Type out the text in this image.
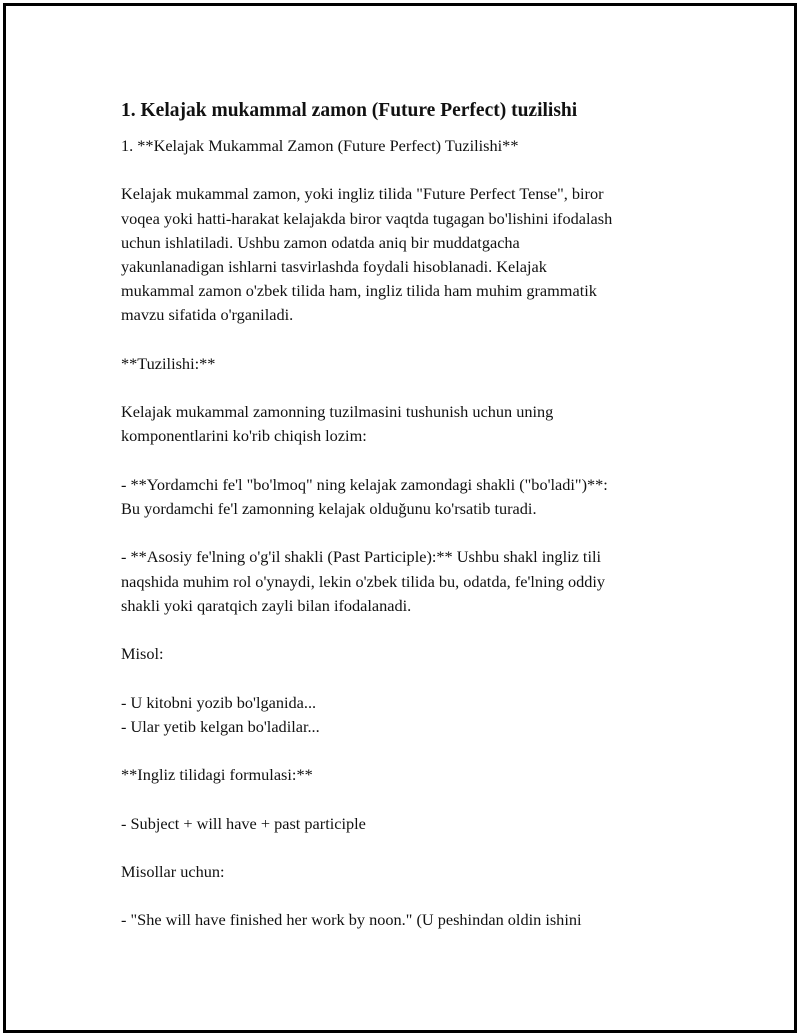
1. Kelajak mukammal zamon (Future Perfect) tuzilishi

1. **Kelajak Mukammal Zamon (Future Perfect) Tuzilishi**

Kelajak mukammal zamon, yoki ingliz tilida "Future Perfect Tense", biror

voqea yoki hatti-harakat kelajakda biror vaqtda tugagan bo'lishini ifodalash

uchun ishlatiladi. Ushbu zamon odatda aniq bir muddatgacha

yakunlanadigan ishlarni tasvirlashda foydali hisoblanadi. Kelajak

mukammal zamon o'zbek tilida ham, ingliz tilida ham muhim grammatik

mavzu sifatida o'rganiladi.

**Tuzilishi:**

Kelajak mukammal zamonning tuzilmasini tushunish uchun uning

komponentlarini ko'rib chiqish lozim:

- **Yordamchi fe'l "bo'lmoq" ning kelajak zamondagi shakli ("bo'ladi")**:

Bu yordamchi fe'l zamonning kelajak olduğunu ko'rsatib turadi.

- **Asosiy fe'lning o'g'il shakli (Past Participle):** Ushbu shakl ingliz tili

naqshida muhim rol o'ynaydi, lekin o'zbek tilida bu, odatda, fe'lning oddiy

shakli yoki qaratqich zayli bilan ifodalanadi.

Misol:

- U kitobni yozib bo'lganida...

- Ular yetib kelgan bo'ladilar...

**Ingliz tilidagi formulasi:**

- Subject + will have + past participle

Misollar uchun:

- "She will have finished her work by noon." (U peshindan oldin ishini
